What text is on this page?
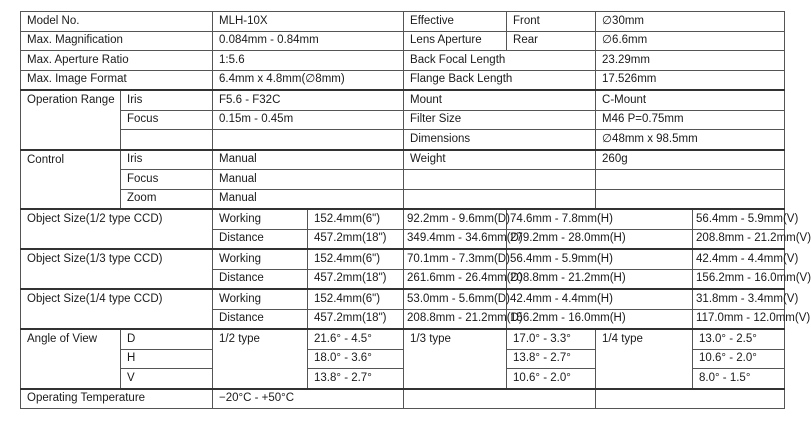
Model No.		MLH-10X		Effective	Front	∅30mm	
Max. Magnification		0.084mm - 0.84mm		Lens Aperture	Rear	∅6.6mm	
Max. Aperture Ratio		1:5.6		Back Focal Length		23.29mm	
Max. Image Format		6.4mm x 4.8mm(∅8mm)		Flange Back Length		17.526mm	
Operation Range	Iris	F5.6 - F32C		Mount		C-Mount	
	Focus	0.15m - 0.45m		Filter Size		M46 P=0.75mm	
				Dimensions		∅48mm x 98.5mm	
Control	Iris	Manual		Weight		260g	
	Focus	Manual					
	Zoom	Manual					
Object Size(1/2 type CCD)		Working	152.4mm(6")	92.2mm - 9.6mm(D)	74.6mm - 7.8mm(H)		56.4mm - 5.9mm(V)
		Distance	457.2mm(18")	349.4mm - 34.6mm(D)	279.2mm - 28.0mm(H)		208.8mm - 21.2mm(V)
Object Size(1/3 type CCD)		Working	152.4mm(6")	70.1mm - 7.3mm(D)	56.4mm - 5.9mm(H)		42.4mm - 4.4mm(V)
		Distance	457.2mm(18")	261.6mm - 26.4mm(D)	208.8mm - 21.2mm(H)		156.2mm - 16.0mm(V)
Object Size(1/4 type CCD)		Working	152.4mm(6")	53.0mm - 5.6mm(D)	42.4mm - 4.4mm(H)		31.8mm - 3.4mm(V)
		Distance	457.2mm(18")	208.8mm - 21.2mm(D)	156.2mm - 16.0mm(H)		117.0mm - 12.0mm(V)
Angle of View	D	1/2 type	21.6° - 4.5°	1/3 type	17.0° - 3.3°	1/4 type	13.0° - 2.5°
	H		18.0° - 3.6°		13.8° - 2.7°		10.6° - 2.0°
	V		13.8° - 2.7°		10.6° - 2.0°		8.0° - 1.5°
Operating Temperature		−20°C - +50°C					
